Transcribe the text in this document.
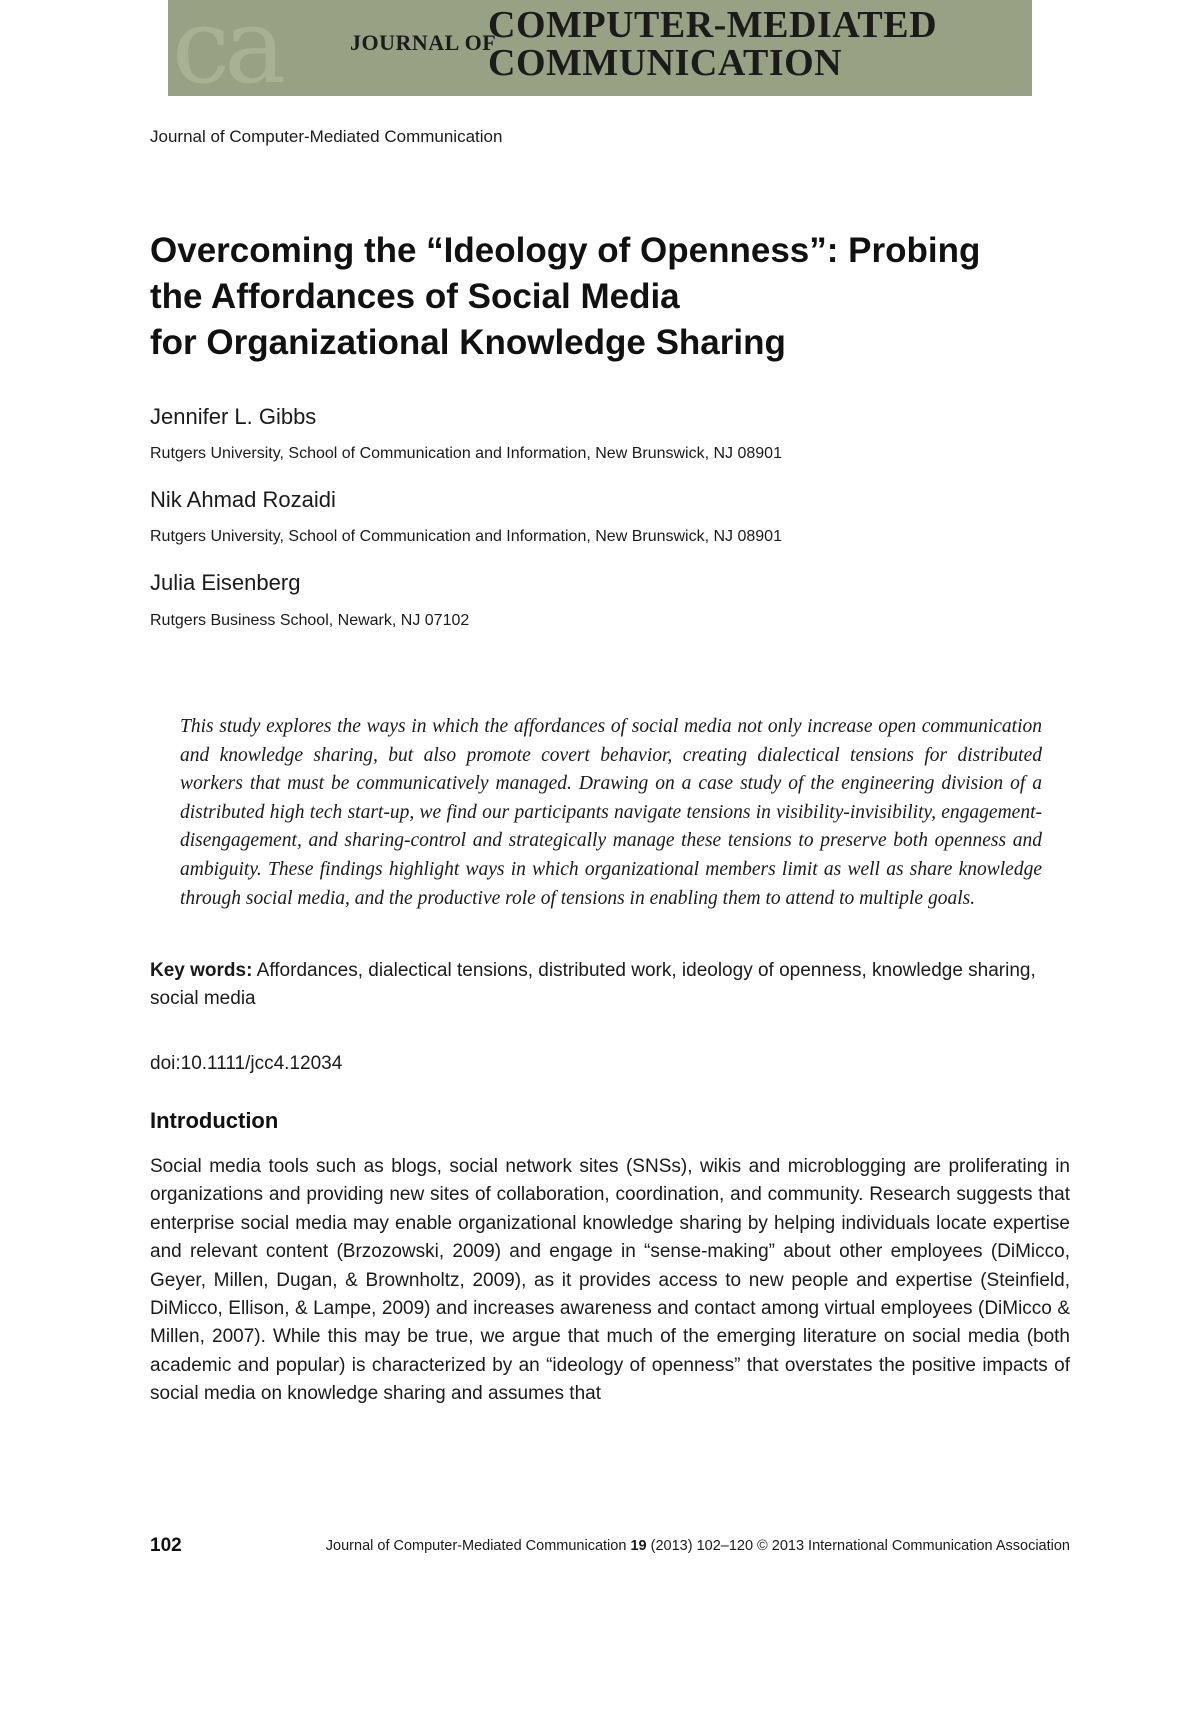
ca	JOURNAL OF
COMPUTER-MEDIATED
COMMUNICATION
Journal of Computer-Mediated Communication
Overcoming the “Ideology of Openness”: Probing
the Affordances of Social Media
for Organizational Knowledge Sharing
Jennifer L. Gibbs
Rutgers University, School of Communication and Information, New Brunswick, NJ 08901
Nik Ahmad Rozaidi
Rutgers University, School of Communication and Information, New Brunswick, NJ 08901
Julia Eisenberg
Rutgers Business School, Newark, NJ 07102

This study explores the ways in which the affordances of social media not only increase open communication and knowledge sharing, but also promote covert behavior, creating dialectical tensions for distributed workers that must be communicatively managed. Drawing on a case study of the engineering division of a distributed high tech start-up, we find our participants navigate tensions in visibility-invisibility, engagement-disengagement, and sharing-control and strategically manage these tensions to preserve both openness and ambiguity. These findings highlight ways in which organizational members limit as well as share knowledge through social media, and the productive role of tensions in enabling them to attend to multiple goals.

Key words: Affordances, dialectical tensions, distributed work, ideology of openness, knowledge sharing, social media

doi:10.1111/jcc4.12034
Introduction

Social media tools such as blogs, social network sites (SNSs), wikis and microblogging are proliferating in organizations and providing new sites of collaboration, coordination, and community. Research suggests that enterprise social media may enable organizational knowledge sharing by helping individuals locate expertise and relevant content (Brzozowski, 2009) and engage in “sense-making” about other employees (DiMicco, Geyer, Millen, Dugan, & Brownholtz, 2009), as it provides access to new people and expertise (Steinfield, DiMicco, Ellison, & Lampe, 2009) and increases awareness and contact among virtual employees (DiMicco & Millen, 2007). While this may be true, we argue that much of the emerging literature on social media (both academic and popular) is characterized by an “ideology of openness” that overstates the positive impacts of social media on knowledge sharing and assumes that

102	Journal of Computer-Mediated Communication 19 (2013) 102–120 © 2013 International Communication Association
